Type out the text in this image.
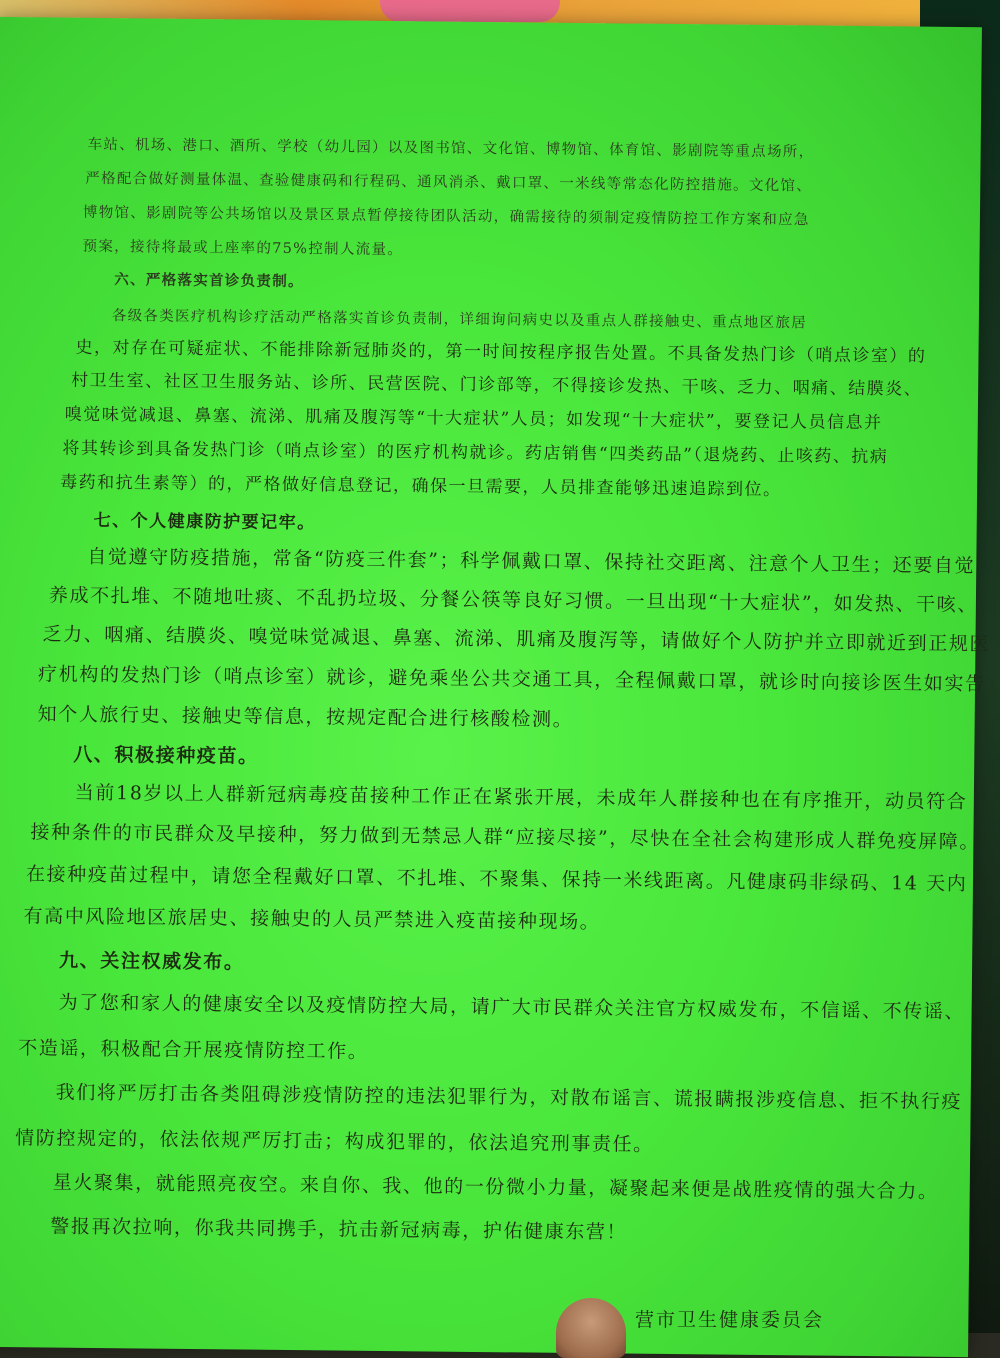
车站、机场、港口、酒所、学校（幼儿园）以及图书馆、文化馆、博物馆、体育馆、影剧院等重点场所，
严格配合做好测量体温、查验健康码和行程码、通风消杀、戴口罩、一米线等常态化防控措施。文化馆、
博物馆、影剧院等公共场馆以及景区景点暂停接待团队活动，确需接待的须制定疫情防控工作方案和应急
预案，接待将最或上座率的75%控制人流量。
六、严格落实首诊负责制。
各级各类医疗机构诊疗活动严格落实首诊负责制，详细询问病史以及重点人群接触史、重点地区旅居
史，对存在可疑症状、不能排除新冠肺炎的，第一时间按程序报告处置。不具备发热门诊（哨点诊室）的
村卫生室、社区卫生服务站、诊所、民营医院、门诊部等，不得接诊发热、干咳、乏力、咽痛、结膜炎、
嗅觉味觉减退、鼻塞、流涕、肌痛及腹泻等“十大症状”人员；如发现“十大症状”，要登记人员信息并
将其转诊到具备发热门诊（哨点诊室）的医疗机构就诊。药店销售“四类药品”（退烧药、止咳药、抗病
毒药和抗生素等）的，严格做好信息登记，确保一旦需要，人员排查能够迅速追踪到位。
七、个人健康防护要记牢。
自觉遵守防疫措施，常备“防疫三件套”；科学佩戴口罩、保持社交距离、注意个人卫生；还要自觉
养成不扎堆、不随地吐痰、不乱扔垃圾、分餐公筷等良好习惯。一旦出现“十大症状”，如发热、干咳、
乏力、咽痛、结膜炎、嗅觉味觉减退、鼻塞、流涕、肌痛及腹泻等，请做好个人防护并立即就近到正规医
疗机构的发热门诊（哨点诊室）就诊，避免乘坐公共交通工具，全程佩戴口罩，就诊时向接诊医生如实告
知个人旅行史、接触史等信息，按规定配合进行核酸检测。
八、积极接种疫苗。
当前18岁以上人群新冠病毒疫苗接种工作正在紧张开展，未成年人群接种也在有序推开，动员符合
接种条件的市民群众及早接种，努力做到无禁忌人群“应接尽接”，尽快在全社会构建形成人群免疫屏障。
在接种疫苗过程中，请您全程戴好口罩、不扎堆、不聚集、保持一米线距离。凡健康码非绿码、14 天内
有高中风险地区旅居史、接触史的人员严禁进入疫苗接种现场。
九、关注权威发布。
为了您和家人的健康安全以及疫情防控大局，请广大市民群众关注官方权威发布，不信谣、不传谣、
不造谣，积极配合开展疫情防控工作。
我们将严厉打击各类阻碍涉疫情防控的违法犯罪行为，对散布谣言、谎报瞒报涉疫信息、拒不执行疫
情防控规定的，依法依规严厉打击；构成犯罪的，依法追究刑事责任。
星火聚集，就能照亮夜空。来自你、我、他的一份微小力量，凝聚起来便是战胜疫情的强大合力。
警报再次拉响，你我共同携手，抗击新冠病毒，护佑健康东营！
营市卫生健康委员会
